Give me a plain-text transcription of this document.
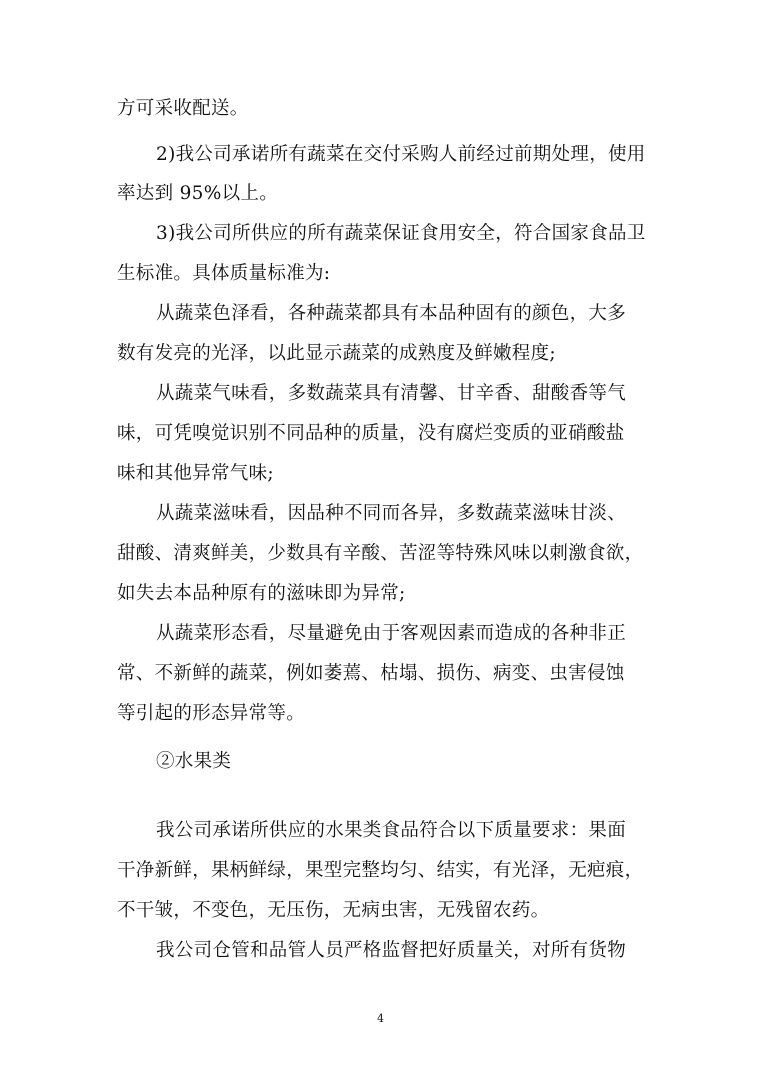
方可采收配送。
2)我公司承诺所有蔬菜在交付采购人前经过前期处理，使用
率达到 95%以上。
3)我公司所供应的所有蔬菜保证食用安全，符合国家食品卫
生标准。具体质量标准为:
从蔬菜色泽看，各种蔬菜都具有本品种固有的颜色，大多
数有发亮的光泽，以此显示蔬菜的成熟度及鲜嫩程度;
从蔬菜气味看，多数蔬菜具有清馨、甘辛香、甜酸香等气
味，可凭嗅觉识别不同品种的质量，没有腐烂变质的亚硝酸盐
味和其他异常气味;
从蔬菜滋味看，因品种不同而各异，多数蔬菜滋味甘淡、
甜酸、清爽鲜美，少数具有辛酸、苦涩等特殊风味以刺激食欲，
如失去本品种原有的滋味即为异常;
从蔬菜形态看，尽量避免由于客观因素而造成的各种非正
常、不新鲜的蔬菜，例如萎蔫、枯塌、损伤、病变、虫害侵蚀
等引起的形态异常等。
②水果类
我公司承诺所供应的水果类食品符合以下质量要求：果面
干净新鲜，果柄鲜绿，果型完整均匀、结实，有光泽，无疤痕，
不干皱，不变色，无压伤，无病虫害，无残留农药。
我公司仓管和品管人员严格监督把好质量关，对所有货物
4
